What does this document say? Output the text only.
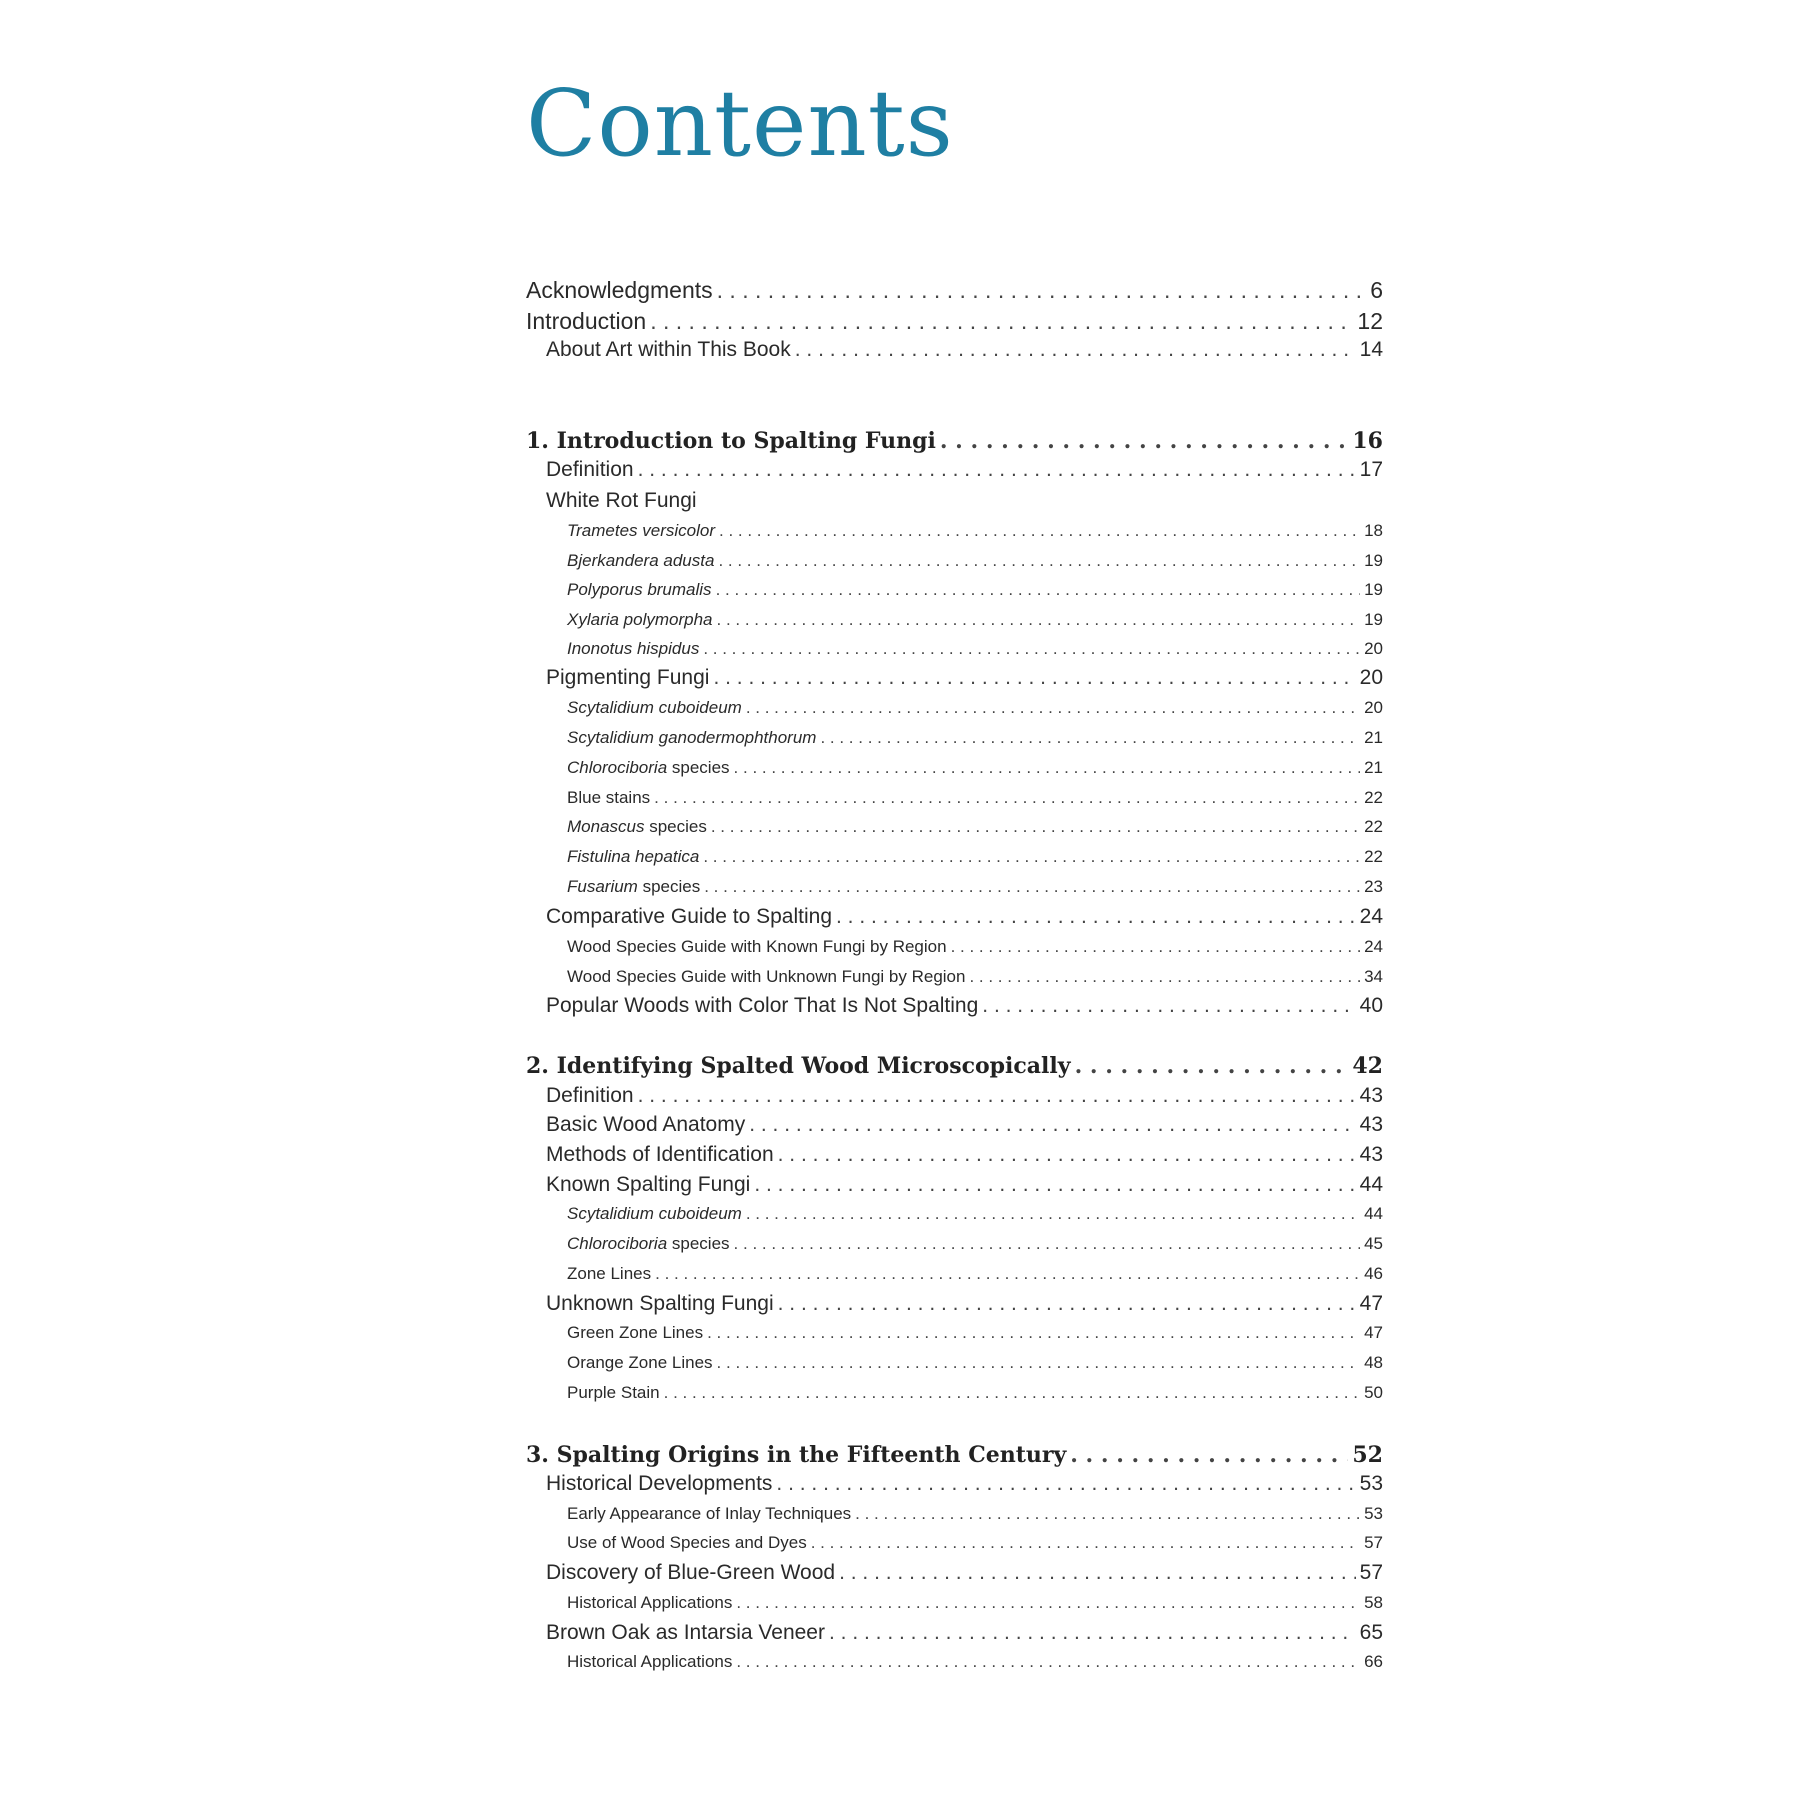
Contents
Acknowledgments . . .	6
Introduction . . .	12
About Art within This Book . . .	14
1. Introduction to Spalting Fungi . . .	16
Definition . . .	17
White Rot Fungi
Trametes versicolor . . .	18
Bjerkandera adusta . . .	19
Polyporus brumalis . . .	19
Xylaria polymorpha . . .	19
Inonotus hispidus . . .	20
Pigmenting Fungi . . .	20
Scytalidium cuboideum . . .	20
Scytalidium ganodermophthorum . . .	21
Chlorociboria species . . .	21
Blue stains . . .	22
Monascus species . . .	22
Fistulina hepatica . . .	22
Fusarium species . . .	23
Comparative Guide to Spalting . . .	24
Wood Species Guide with Known Fungi by Region . . .	24
Wood Species Guide with Unknown Fungi by Region . . .	34
Popular Woods with Color That Is Not Spalting . . .	40
2. Identifying Spalted Wood Microscopically . . .	42
Definition . . .	43
Basic Wood Anatomy . . .	43
Methods of Identification . . .	43
Known Spalting Fungi . . .	44
Scytalidium cuboideum . . .	44
Chlorociboria species . . .	45
Zone Lines . . .	46
Unknown Spalting Fungi . . .	47
Green Zone Lines . . .	47
Orange Zone Lines . . .	48
Purple Stain . . .	50
3. Spalting Origins in the Fifteenth Century . . .	52
Historical Developments . . .	53
Early Appearance of Inlay Techniques . . .	53
Use of Wood Species and Dyes . . .	57
Discovery of Blue-Green Wood . . .	57
Historical Applications . . .	58
Brown Oak as Intarsia Veneer . . .	65
Historical Applications . . .	66
